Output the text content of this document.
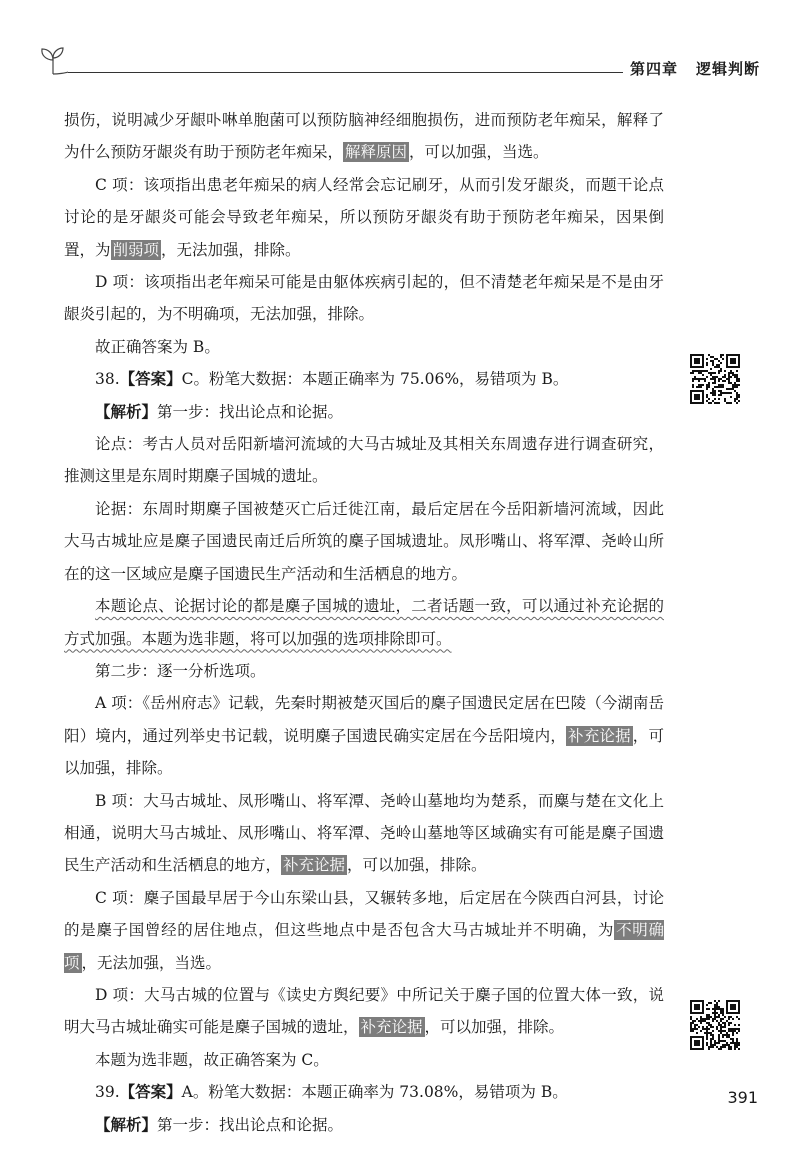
第四章 逻辑判断

损伤，说明减少牙龈卟啉单胞菌可以预防脑神经细胞损伤，进而预防老年痴呆，解释了为什么预防牙龈炎有助于预防老年痴呆， 解释原因 ，可以加强，当选。

C 项：该项指出患老年痴呆的病人经常会忘记刷牙，从而引发牙龈炎，而题干论点讨论的是牙龈炎可能会导致老年痴呆，所以预防牙龈炎有助于预防老年痴呆，因果倒置，为 削弱项 ，无法加强，排除。

D 项：该项指出老年痴呆可能是由躯体疾病引起的，但不清楚老年痴呆是不是由牙龈炎引起的，为不明确项，无法加强，排除。

故正确答案为 B。

38.【答案】C。粉笔大数据：本题正确率为 75.06%，易错项为 B。

【解析】第一步：找出论点和论据。

论点：考古人员对岳阳新墙河流域的大马古城址及其相关东周遗存进行调查研究，推测这里是东周时期麇子国城的遗址。

论据：东周时期麇子国被楚灭亡后迁徙江南，最后定居在今岳阳新墙河流域，因此大马古城址应是麇子国遗民南迁后所筑的麇子国城遗址。凤形嘴山、将军潭、尧岭山所在的这一区域应是麇子国遗民生产活动和生活栖息的地方。

本题论点、论据讨论的都是麇子国城的遗址，二者话题一致，可以通过补充论据的方式加强。本题为选非题，将可以加强的选项排除即可。

第二步：逐一分析选项。

A 项：《岳州府志》记载，先秦时期被楚灭国后的麇子国遗民定居在巴陵（今湖南岳阳）境内，通过列举史书记载，说明麇子国遗民确实定居在今岳阳境内， 补充论据 ，可以加强，排除。

B 项：大马古城址、凤形嘴山、将军潭、尧岭山墓地均为楚系，而麋与楚在文化上相通，说明大马古城址、凤形嘴山、将军潭、尧岭山墓地等区域确实有可能是麇子国遗民生产活动和生活栖息的地方， 补充论据 ，可以加强，排除。

C 项：麇子国最早居于今山东梁山县，又辗转多地，后定居在今陕西白河县，讨论的是麇子国曾经的居住地点，但这些地点中是否包含大马古城址并不明确，为 不明确项 ，无法加强，当选。

D 项：大马古城的位置与《读史方舆纪要》中所记关于麇子国的位置大体一致，说明大马古城址确实可能是麇子国城的遗址， 补充论据 ，可以加强，排除。

本题为选非题，故正确答案为 C。

39.【答案】A。粉笔大数据：本题正确率为 73.08%，易错项为 B。

【解析】第一步：找出论点和论据。

391
